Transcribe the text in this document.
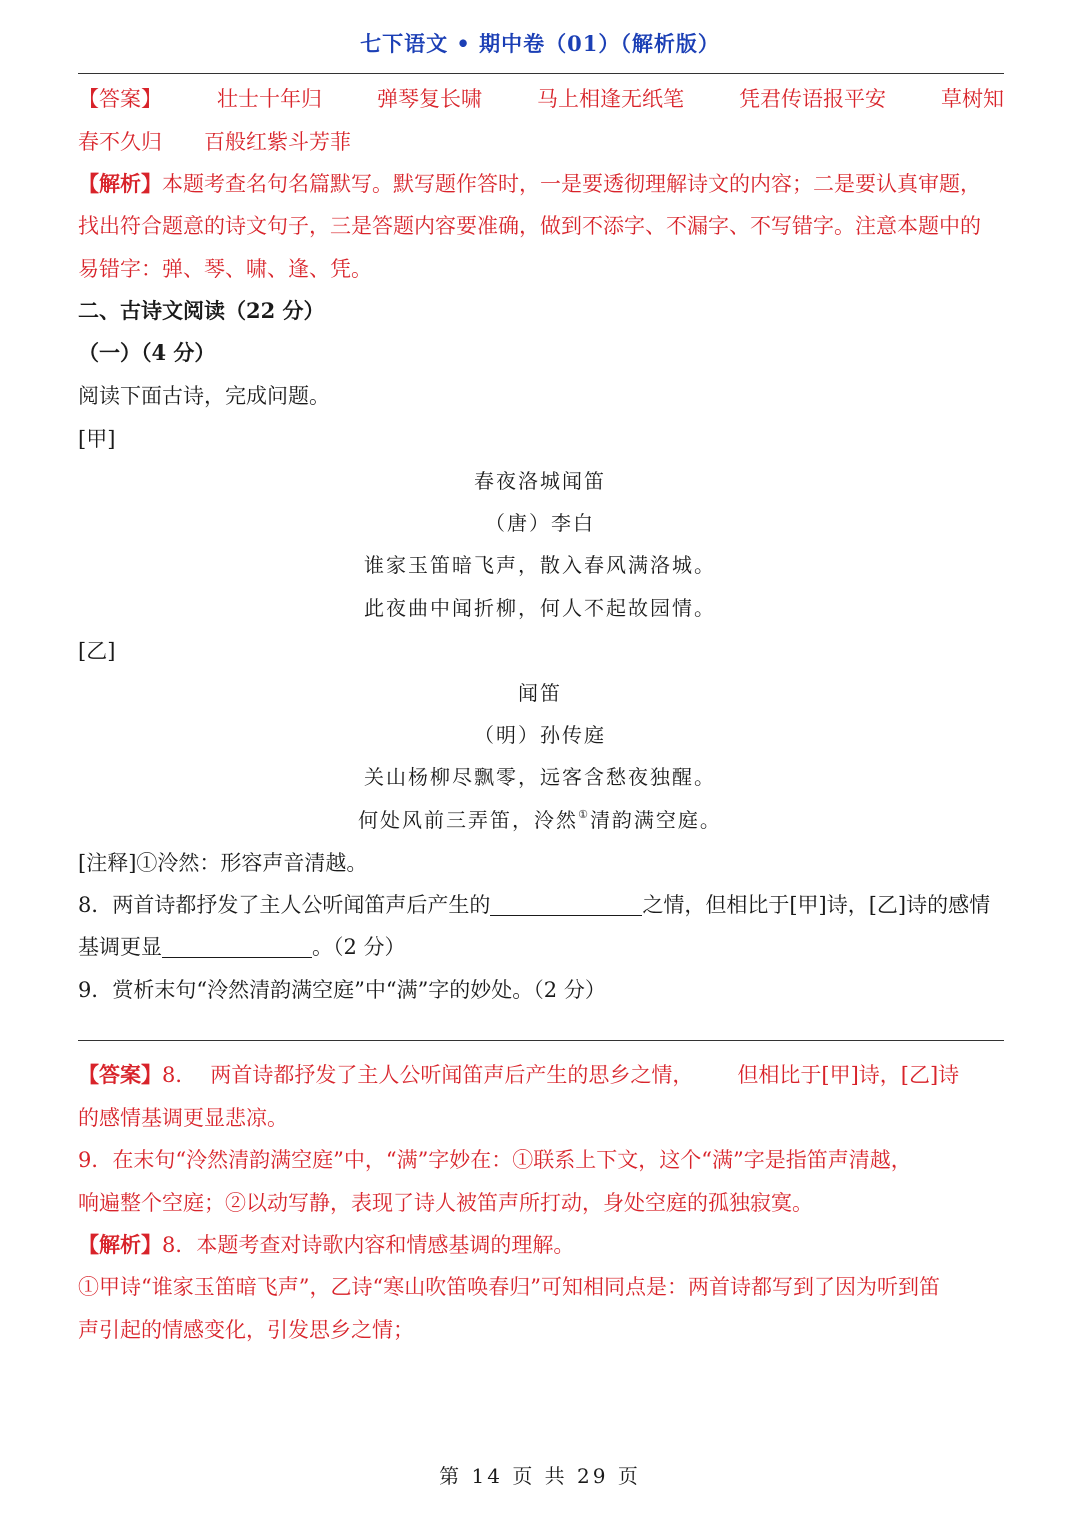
七下语文 • 期中卷（01）（解析版）
【答案】	壮士十年归	弹琴复长啸	马上相逢无纸笔	凭君传语报平安	草树知
春不久归 百般红紫斗芳菲
【解析】本题考查名句名篇默写。默写题作答时，一是要透彻理解诗文的内容；二是要认真审题，
找出符合题意的诗文句子，三是答题内容要准确，做到不添字、不漏字、不写错字。注意本题中的
易错字：弹、琴、啸、逢、凭。
二、古诗文阅读（22 分）
（一）（4 分）
阅读下面古诗，完成问题。
[甲]
春夜洛城闻笛
（唐）李白
谁家玉笛暗飞声，散入春风满洛城。
此夜曲中闻折柳，何人不起故园情。
[乙]
闻笛
（明）孙传庭
关山杨柳尽飘零，远客含愁夜独醒。
何处风前三弄笛，泠然①清韵满空庭。
[注释]①泠然：形容声音清越。
8．两首诗都抒发了主人公听闻笛声后产生的	之情，但相比于[甲]诗，[乙]诗的感情
基调更显	。（2 分）
9．赏析末句“泠然清韵满空庭”中“满”字的妙处。（2 分）
【答案】8． 两首诗都抒发了主人公听闻笛声后产生的思乡之情， 但相比于[甲]诗，[乙]诗
的感情基调更显悲凉。
9．在末句“泠然清韵满空庭”中，“满”字妙在：①联系上下文，这个“满”字是指笛声清越，
响遍整个空庭；②以动写静，表现了诗人被笛声所打动，身处空庭的孤独寂寞。
【解析】8．本题考查对诗歌内容和情感基调的理解。
①甲诗“谁家玉笛暗飞声”，乙诗“寒山吹笛唤春归”可知相同点是：两首诗都写到了因为听到笛
声引起的情感变化，引发思乡之情；
第 14 页 共 29 页
